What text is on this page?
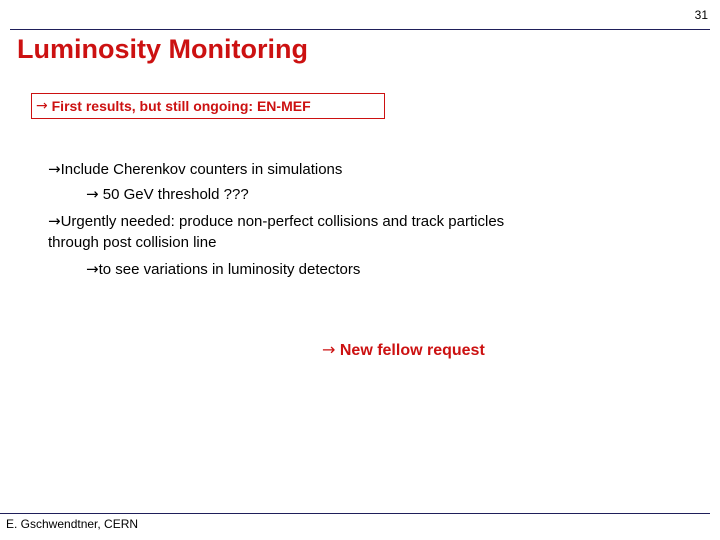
31
Luminosity Monitoring
→ First results, but still ongoing: EN-MEF
→Include Cherenkov counters in simulations
→ 50 GeV threshold ???
→Urgently needed: produce non-perfect collisions and track particles
through post collision line
→to see variations in luminosity detectors
→ New fellow request
E. Gschwendtner, CERN
